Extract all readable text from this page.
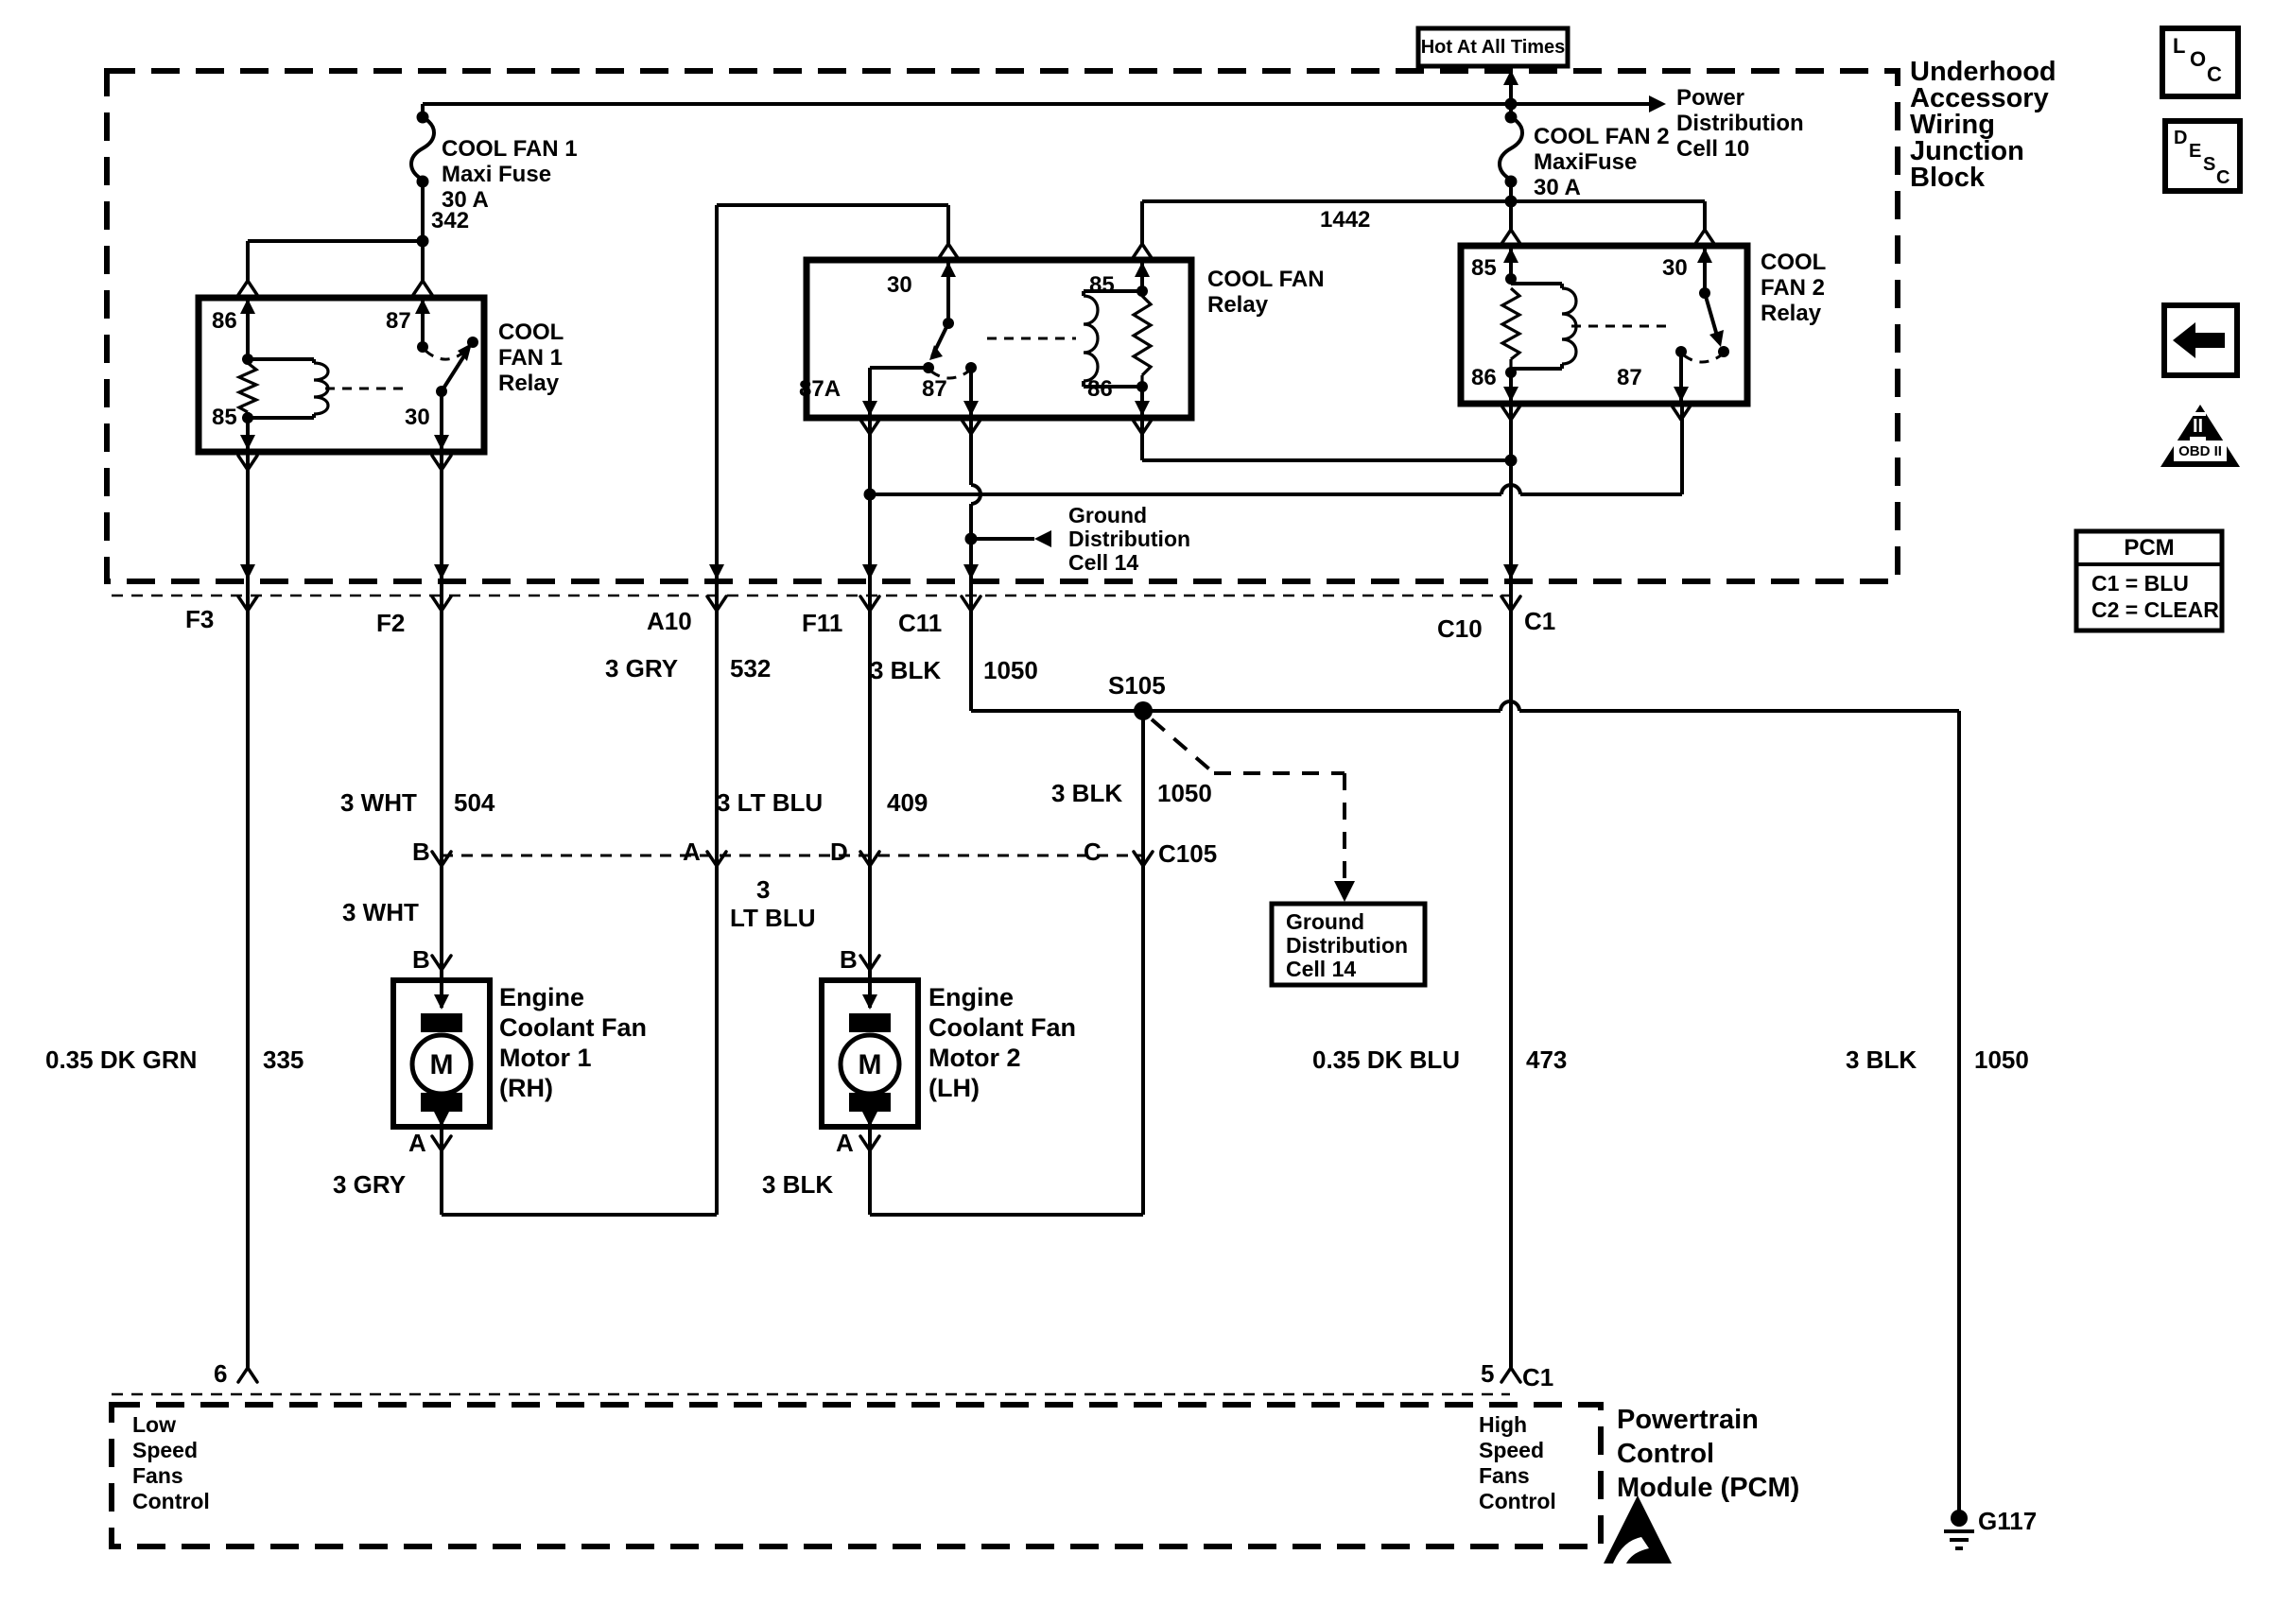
Hot At All Times
Power
Distribution
Cell 10
COOL FAN 2
MaxiFuse
30 A
COOL FAN 1
Maxi Fuse
30 A
342	1442
Underhood
Accessory
Wiring
Junction
Block
COOL
FAN 1
Relay
COOL FAN
Relay
COOL
FAN 2
Relay
86	87
85	30
30	85
87A	87	86
85	30
86	87
F3	F2	A10	F11 C11	C10 C1
3 GRY 532	3 BLK 1050
S105
3 WHT 504	3 LT BLU	409	3 BLK 1050
B	A	D	C C105
3 WHT
3
LT BLU
B	B
A	A
3 GRY	3 BLK
0.35 DK GRN	335	0.35 DK BLU	473	3 BLK 1050
G117
Ground
Distribution
Cell 14
Ground
Distribution
Cell 14
M	M
Engine
Coolant Fan
Motor 1
(RH)
Engine
Coolant Fan
Motor 2
(LH)
6	5 C1
Low
Speed
Fans
Control
High
Speed
Fans
Control
Powertrain
Control
Module (PCM)
PCM
C1 = BLU
C2 = CLEAR
L
O
C
D
E
S
C
II
OBD II
